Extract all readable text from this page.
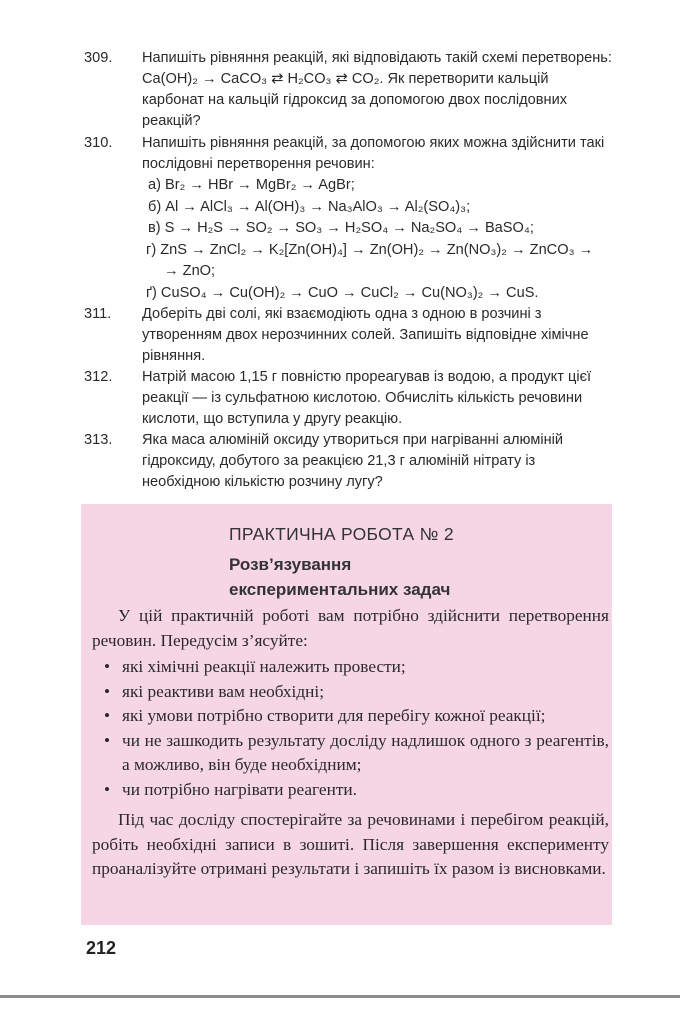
309. Напишіть рівняння реакцій, які відповідають такій схемі перетворень: Ca(OH)₂ → CaCO₃ ⇄ H₂CO₃ ⇄ CO₂. Як перетворити кальцій карбонат на кальцій гідроксид за допомогою двох послідовних реакцій?
310. Напишіть рівняння реакцій, за допомогою яких можна здійснити такі послідовні перетворення речовин:
а) Br₂ → HBr → MgBr₂ → AgBr;
б) Al → AlCl₃ → Al(OH)₃ → Na₃AlO₃ → Al₂(SO₄)₃;
в) S → H₂S → SO₂ → SO₃ → H₂SO₄ → Na₂SO₄ → BaSO₄;
г) ZnS → ZnCl₂ → K₂[Zn(OH)₄] → Zn(OH)₂ → Zn(NO₃)₂ → ZnCO₃ →
→ ZnO;
ґ) CuSO₄ → Cu(OH)₂ → CuO → CuCl₂ → Cu(NO₃)₂ → CuS.
311. Доберіть дві солі, які взаємодіють одна з одною в розчині з утворенням двох нерозчинних солей. Запишіть відповідне хімічне рівняння.
312. Натрій масою 1,15 г повністю прореагував із водою, а продукт цієї реакції — із сульфатною кислотою. Обчисліть кількість речовини кислоти, що вступила у другу реакцію.
313. Яка маса алюміній оксиду утвориться при нагріванні алюміній гідроксиду, добутого за реакцією 21,3 г алюміній нітрату із необхідною кількістю розчину лугу?

ПРАКТИЧНА РОБОТА № 2

Розв’язування
експериментальних задач

У цій практичній роботі вам потрібно здійснити перетворення речовин. Передусім з’ясуйте:

• які хімічні реакції належить провести;
• які реактиви вам необхідні;
• які умови потрібно створити для перебігу кожної реакції;
• чи не зашкодить результату досліду надлишок одного з реагентів, а можливо, він буде необхідним;
• чи потрібно нагрівати реагенти.

Під час досліду спостерігайте за речовинами і перебігом реакцій, робіть необхідні записи в зошиті. Після завершення експерименту проаналізуйте отримані результати і запишіть їх разом із висновками.

212
